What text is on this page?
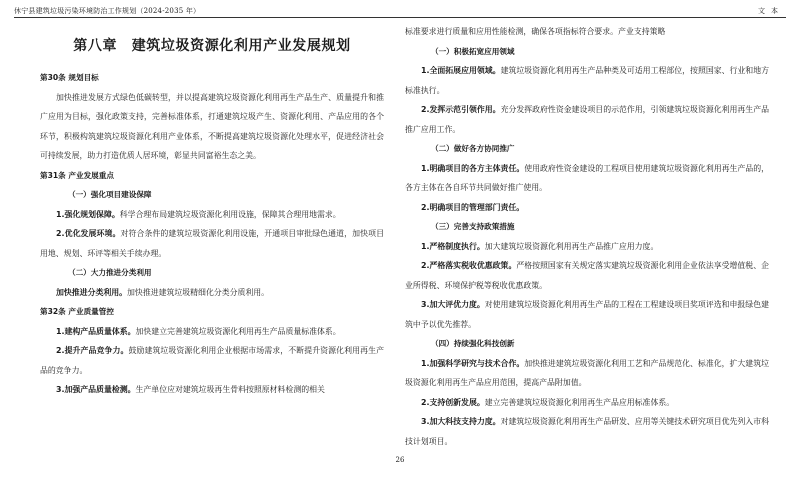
休宁县建筑垃圾污染环境防治工作规划（2024-2035 年）	文本
第八章　建筑垃圾资源化利用产业发展规划
第30条 规划目标

加快推进发展方式绿色低碳转型，并以提高建筑垃圾资源化利用再生产品生产、质量提升和推广应用为目标，强化政策支持，完善标准体系，打通建筑垃圾产生、资源化利用、产品应用的各个环节，积极构筑建筑垃圾资源化利用产业体系，不断提高建筑垃圾资源化处理水平，促进经济社会可持续发展，助力打造优质人居环境，彰显共同富裕生态之美。

第31条 产业发展重点
（一）强化项目建设保障

1.强化规划保障。科学合理布局建筑垃圾资源化利用设施，保障其合理用地需求。

2.优化发展环境。对符合条件的建筑垃圾资源化利用设施，开通项目审批绿色通道，加快项目用地、规划、环评等相关手续办理。

（二）大力推进分类利用

加快推进分类利用。加快推进建筑垃圾精细化分类分质利用。

第32条 产业质量管控

1.建构产品质量体系。加快建立完善建筑垃圾资源化利用再生产品质量标准体系。

2.提升产品竞争力。鼓励建筑垃圾资源化利用企业根据市场需求，不断提升资源化利用再生产品的竞争力。

3.加强产品质量检测。生产单位应对建筑垃圾再生骨料按照原材料检测的相关

标准要求进行质量和应用性能检测，确保各项指标符合要求。产业支持策略

（一）积极拓宽应用领域

1.全面拓展应用领域。建筑垃圾资源化利用再生产品种类及可适用工程部位，按照国家、行业和地方标准执行。

2.发挥示范引领作用。充分发挥政府性资金建设项目的示范作用，引领建筑垃圾资源化利用再生产品推广应用工作。

（二）做好各方协同推广

1.明确项目的各方主体责任。使用政府性资金建设的工程项目使用建筑垃圾资源化利用再生产品的，各方主体在各自环节共同做好推广使用。

2.明确项目的管理部门责任。

（三）完善支持政策措施

1.严格制度执行。加大建筑垃圾资源化利用再生产品推广应用力度。

2.严格落实税收优惠政策。严格按照国家有关规定落实建筑垃圾资源化利用企业依法享受增值税、企业所得税、环境保护税等税收优惠政策。

3.加大评优力度。对使用建筑垃圾资源化利用再生产品的工程在工程建设项目奖项评选和申报绿色建筑中予以优先推荐。

（四）持续强化科技创新

1.加强科学研究与技术合作。加快推进建筑垃圾资源化利用工艺和产品规范化、标准化，扩大建筑垃圾资源化利用再生产品应用范围，提高产品附加值。

2.支持创新发展。建立完善建筑垃圾资源化利用再生产品应用标准体系。

3.加大科技支持力度。对建筑垃圾资源化利用再生产品研发、应用等关键技术研究项目优先列入市科技计划项目。

26
